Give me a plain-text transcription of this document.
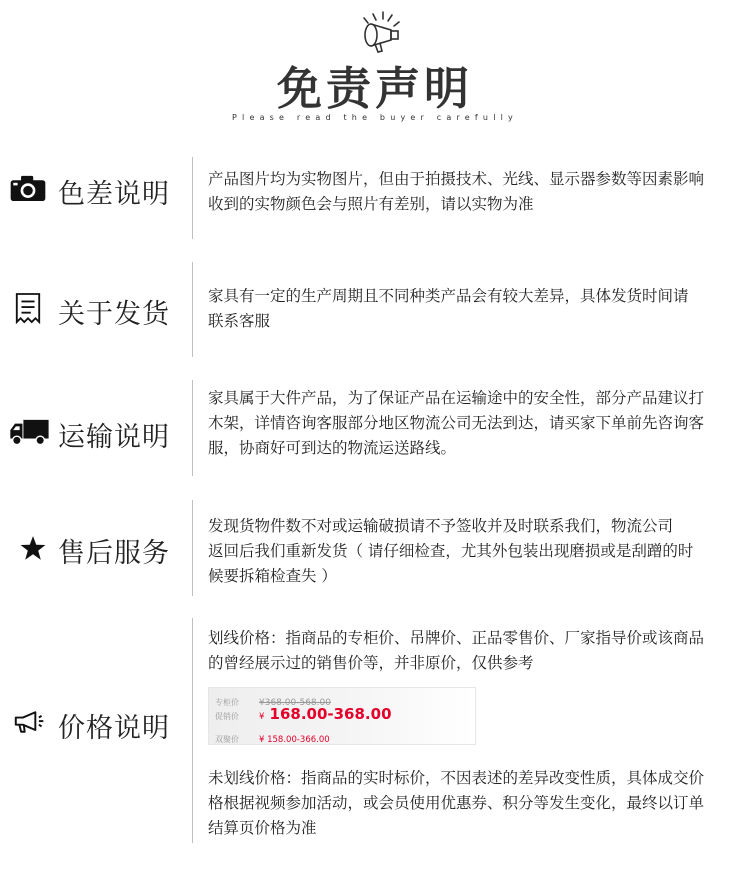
免责声明
Please read the buyer carefully
色差说明 产品图片均为实物图片，但由于拍摄技术、光线、显示器参数等因素影响
收到的实物颜色会与照片有差别，请以实物为准
关于发货
家具有一定的生产周期且不同种类产品会有较大差异，具体发货时间请
联系客服
运输说明
家具属于大件产品，为了保证产品在运输途中的安全性，部分产品建议打
木架，详情咨询客服部分地区物流公司无法到达，请买家下单前先咨询客
服，协商好可到达的物流运送路线。
售后服务
发现货物件数不对或运输破损请不予签收并及时联系我们，物流公司
返回后我们重新发货（ 请仔细检查，尤其外包装出现磨损或是刮蹭的时
候要拆箱检查失 ）
价格说明
划线价格：指商品的专柜价、吊牌价、正品零售价、厂家指导价或该商品
的曾经展示过的销售价等，并非原价，仅供参考
未划线价格：指商品的实时标价，不因表述的差异改变性质，具体成交价
格根据视频参加活动，或会员使用优惠券、积分等发生变化，最终以订单
结算页价格为准
专柜价 ¥368.00-568.00
促销价 ¥ 168.00-368.00
双聚价 ¥ 158.00-366.00
